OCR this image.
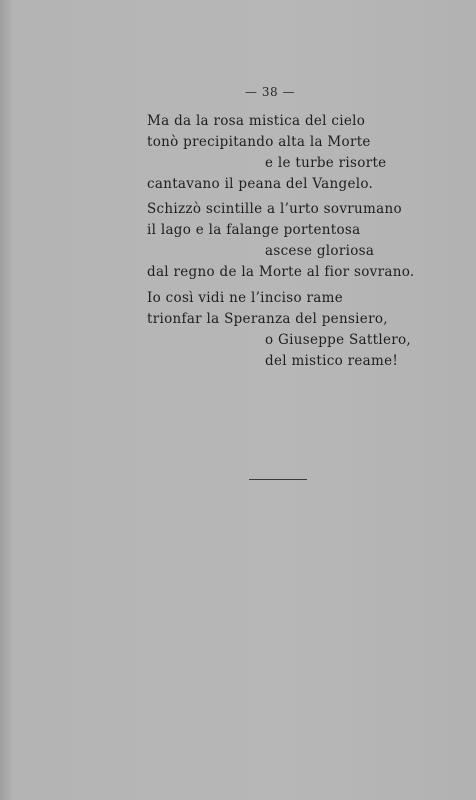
— 38 —
Ma da la rosa mistica del cielo
tonò precipitando alta la Morte
e le turbe risorte
cantavano il peana del Vangelo.
Schizzò scintille a l’urto sovrumano
il lago e la falange portentosa
ascese gloriosa
dal regno de la Morte al fior sovrano.
Io così vidi ne l’inciso rame
trionfar la Speranza del pensiero,
o Giuseppe Sattlero,
del mistico reame!
